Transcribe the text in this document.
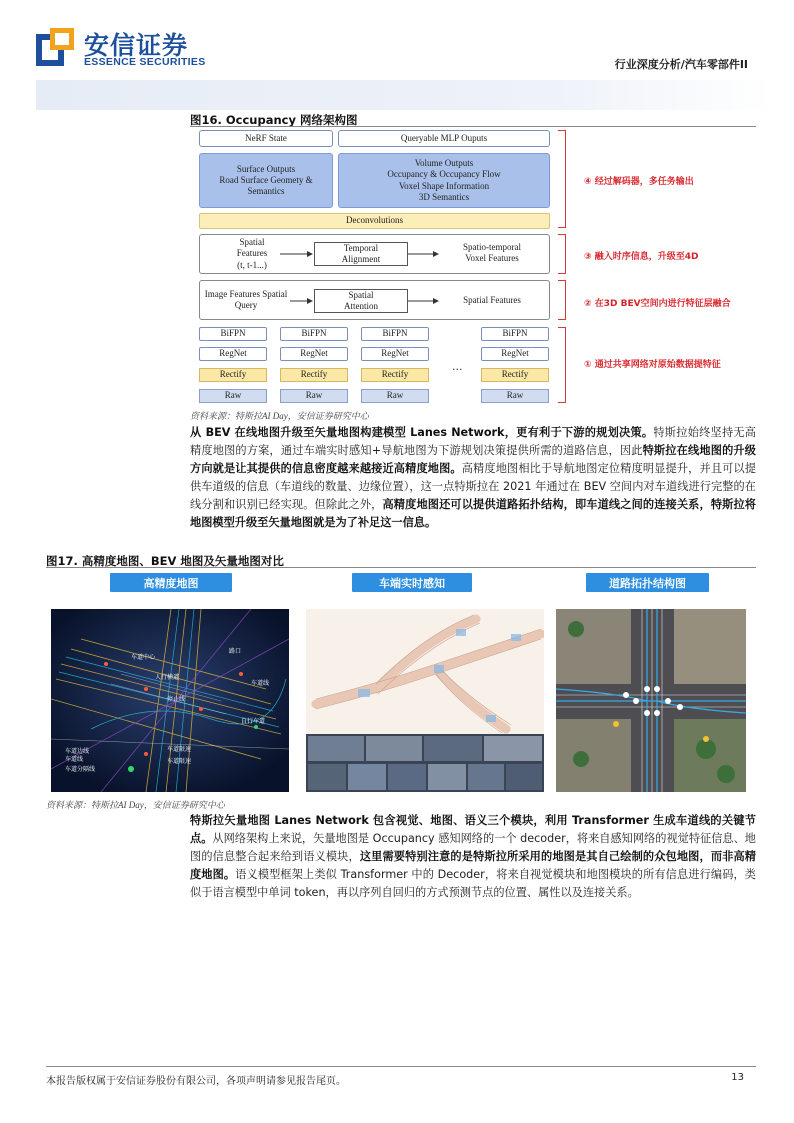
安信证券
ESSENCE SECURITIES	行业深度分析/汽车零部件II
图16. Occupancy 网络架构图
NeRF State	Queryable MLP Ouputs
Surface Outputs
Road Surface Geomety &
Semantics
Volume Outputs
Occupancy & Occupancy Flow
Voxel Shape Information
3D Semantics
Deconvolutions
Spatial
Features
(t, t-1...)
Temporal
Alignment
Spatio-temporal
Voxel Features
Image Features Spatial
Query
Spatial
Attention
Spatial Features
BiFPN
RegNet
Rectify
Raw
BiFPN
RegNet
Rectify
Raw
BiFPN
RegNet
Rectify
Raw
...
BiFPN
RegNet
Rectify
Raw
④ 经过解码器，多任务输出
③ 融入时序信息，升级至4D
② 在3D BEV空间内进行特征层融合
① 通过共享网络对原始数据提特征
资料来源：特斯拉AI Day，安信证券研究中心

从 BEV 在线地图升级至矢量地图构建模型 Lanes Network，更有利于下游的规划决策。特斯拉始终坚持无高精度地图的方案，通过车端实时感知+导航地图为下游规划决策提供所需的道路信息，因此特斯拉在线地图的升级方向就是让其提供的信息密度越来越接近高精度地图。高精度地图相比于导航地图定位精度明显提升，并且可以提供车道级的信息（车道线的数量、边缘位置），这一点特斯拉在 2021 年通过在 BEV 空间内对车道线进行完整的在线分割和识别已经实现。但除此之外，高精度地图还可以提供道路拓扑结构，即车道线之间的连接关系，特斯拉将地图模型升级至矢量地图就是为了补足这一信息。

图17. 高精度地图、BEV 地图及矢量地图对比
高精度地图	车端实时感知	道路拓扑结构图
人行横道
停止线
车道中心
路口
自行车道
车道线
车道边线
车道线
车道分隔线
车道限速
车道限速
资料来源：特斯拉AI Day，安信证券研究中心

特斯拉矢量地图 Lanes Network 包含视觉、地图、语义三个模块，利用 Transformer 生成车道线的关键节点。从网络架构上来说，矢量地图是 Occupancy 感知网络的一个 decoder，将来自感知网络的视觉特征信息、地图的信息整合起来给到语义模块，这里需要特别注意的是特斯拉所采用的地图是其自己绘制的众包地图，而非高精度地图。语义模型框架上类似 Transformer 中的 Decoder，将来自视觉模块和地图模块的所有信息进行编码，类似于语言模型中单词 token，再以序列自回归的方式预测节点的位置、属性以及连接关系。

本报告版权属于安信证券股份有限公司，各项声明请参见报告尾页。	13
